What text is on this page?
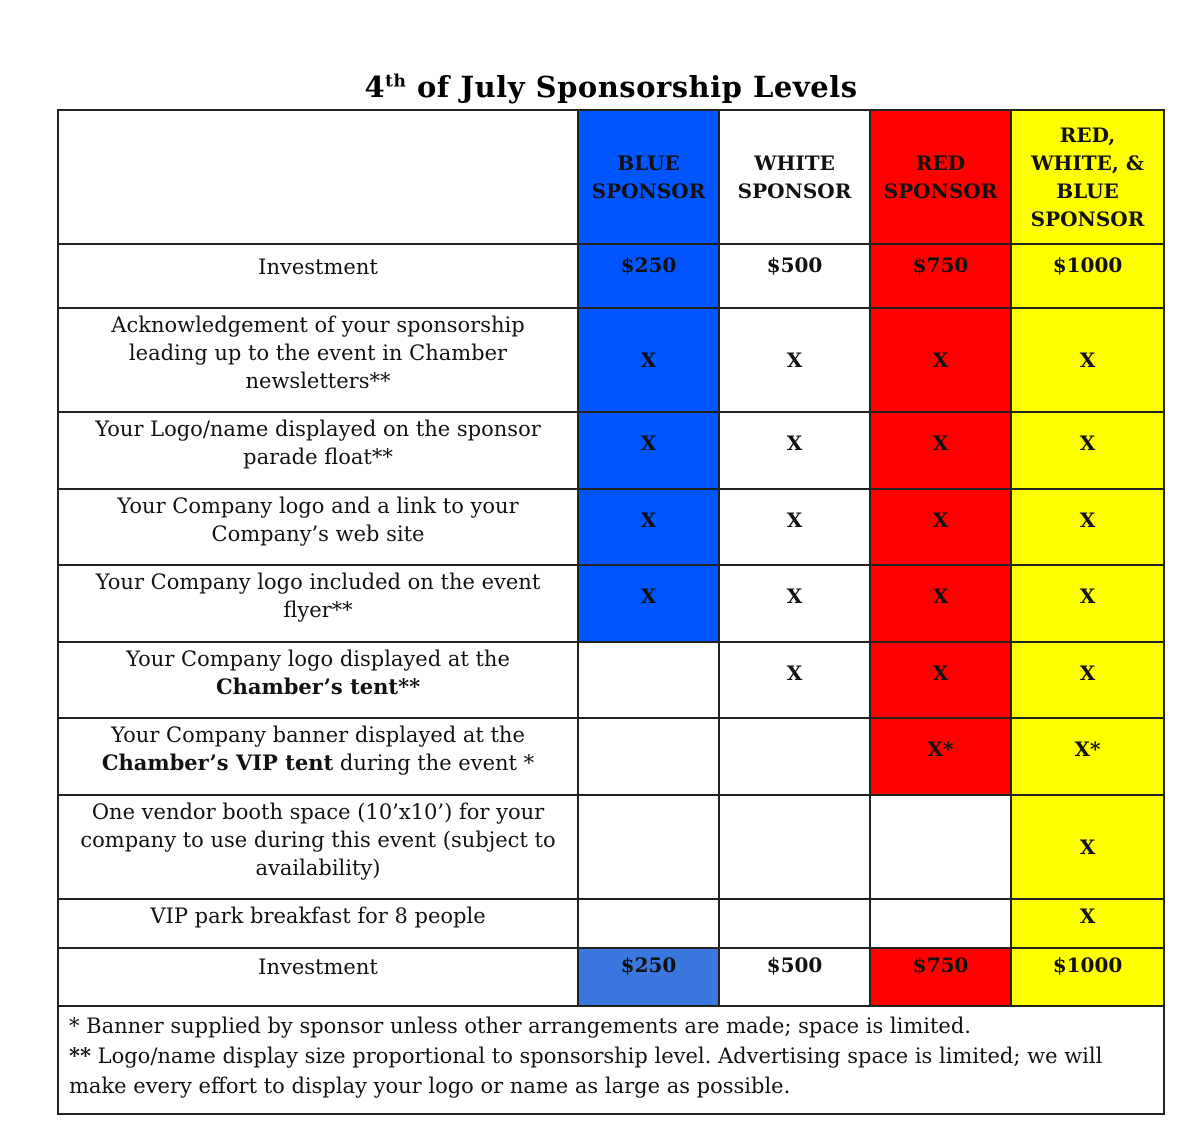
4th of July Sponsorship Levels
	BLUE SPONSOR	WHITE SPONSOR	RED SPONSOR	RED,
WHITE, &
BLUE
SPONSOR

Investment	$250	$500	$750	$1000
Acknowledgement of your sponsorship leading up to the event in Chamber newsletters**	X	X	X	X
Your Logo/name displayed on the sponsor parade float**	X	X	X	X
Your Company logo and a link to your Company’s web site	X	X	X	X
Your Company logo included on the event flyer**	X	X	X	X
Your Company logo displayed at the
Chamber’s tent**		X	X	X
Your Company banner displayed at the
Chamber’s VIP tent during the event *			X*	X*
One vendor booth space (10’x10’) for your company to use during this event (subject to availability)				X
VIP park breakfast for 8 people				X
Investment	$250	$500	$750	$1000

* Banner supplied by sponsor unless other arrangements are made; space is limited.
** Logo/name display size proportional to sponsorship level. Advertising space is limited; we will make every effort to display your logo or name as large as possible.				
